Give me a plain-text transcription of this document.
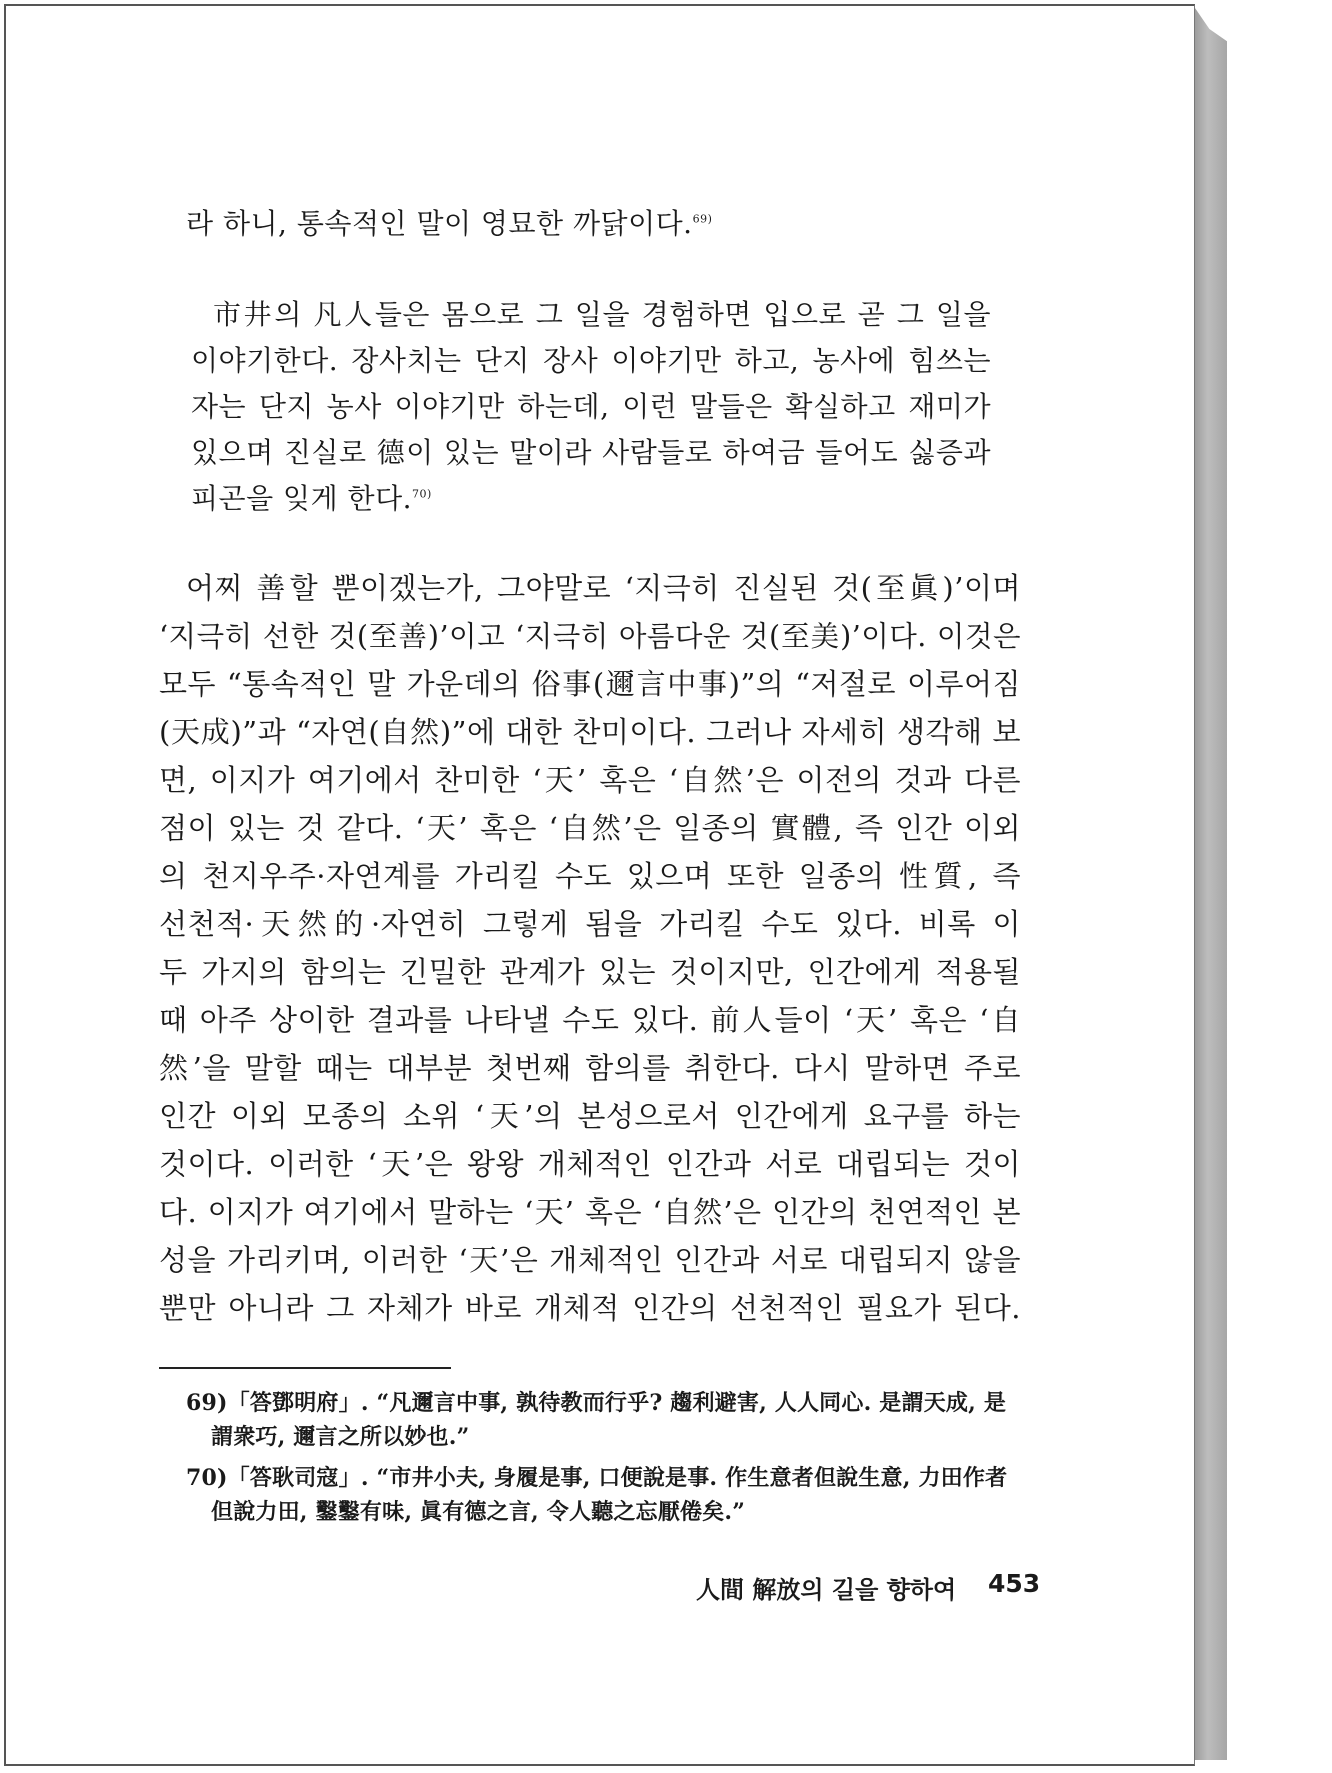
라 하니, 통속적인 말이 영묘한 까닭이다.$^{69)}$

市井의 凡人들은 몸으로 그 일을 경험하면 입으로 곧 그 일을

이야기한다. 장사치는 단지 장사 이야기만 하고, 농사에 힘쓰는

자는 단지 농사 이야기만 하는데, 이런 말들은 확실하고 재미가

있으며 진실로 德이 있는 말이라 사람들로 하여금 들어도 싫증과

피곤을 잊게 한다.$^{70)}$

어찌 善할 뿐이겠는가, 그야말로 ‘지극히 진실된 것(至眞)’이며

‘지극히 선한 것(至善)’이고 ‘지극히 아름다운 것(至美)’이다. 이것은

모두 “통속적인 말 가운데의 俗事(邇言中事)”의 “저절로 이루어짐

(天成)”과 “자연(自然)”에 대한 찬미이다. 그러나 자세히 생각해 보

면, 이지가 여기에서 찬미한 ‘天’ 혹은 ‘自然’은 이전의 것과 다른

점이 있는 것 같다. ‘天’ 혹은 ‘自然’은 일종의 實體, 즉 인간 이외

의 천지우주·자연계를 가리킬 수도 있으며 또한 일종의 性質, 즉

선천적·天然的·자연히 그렇게 됨을 가리킬 수도 있다. 비록 이

두 가지의 함의는 긴밀한 관계가 있는 것이지만, 인간에게 적용될

때 아주 상이한 결과를 나타낼 수도 있다. 前人들이 ‘天’ 혹은 ‘自

然’을 말할 때는 대부분 첫번째 함의를 취한다. 다시 말하면 주로

인간 이외 모종의 소위 ‘天’의 본성으로서 인간에게 요구를 하는

것이다. 이러한 ‘天’은 왕왕 개체적인 인간과 서로 대립되는 것이

다. 이지가 여기에서 말하는 ‘天’ 혹은 ‘自然’은 인간의 천연적인 본

성을 가리키며, 이러한 ‘天’은 개체적인 인간과 서로 대립되지 않을

뿐만 아니라 그 자체가 바로 개체적 인간의 선천적인 필요가 된다.

69)「答鄧明府」. “凡邇言中事, 孰待教而行乎? 趨利避害, 人人同心. 是謂天成, 是

謂衆巧, 邇言之所以妙也.”

70)「答耿司寇」. “市井小夫, 身履是事, 口便說是事. 作生意者但說生意, 力田作者

但說力田, 鑿鑿有味, 眞有德之言, 令人聽之忘厭倦矣.”

人間 解放의 길을 향하여 453
